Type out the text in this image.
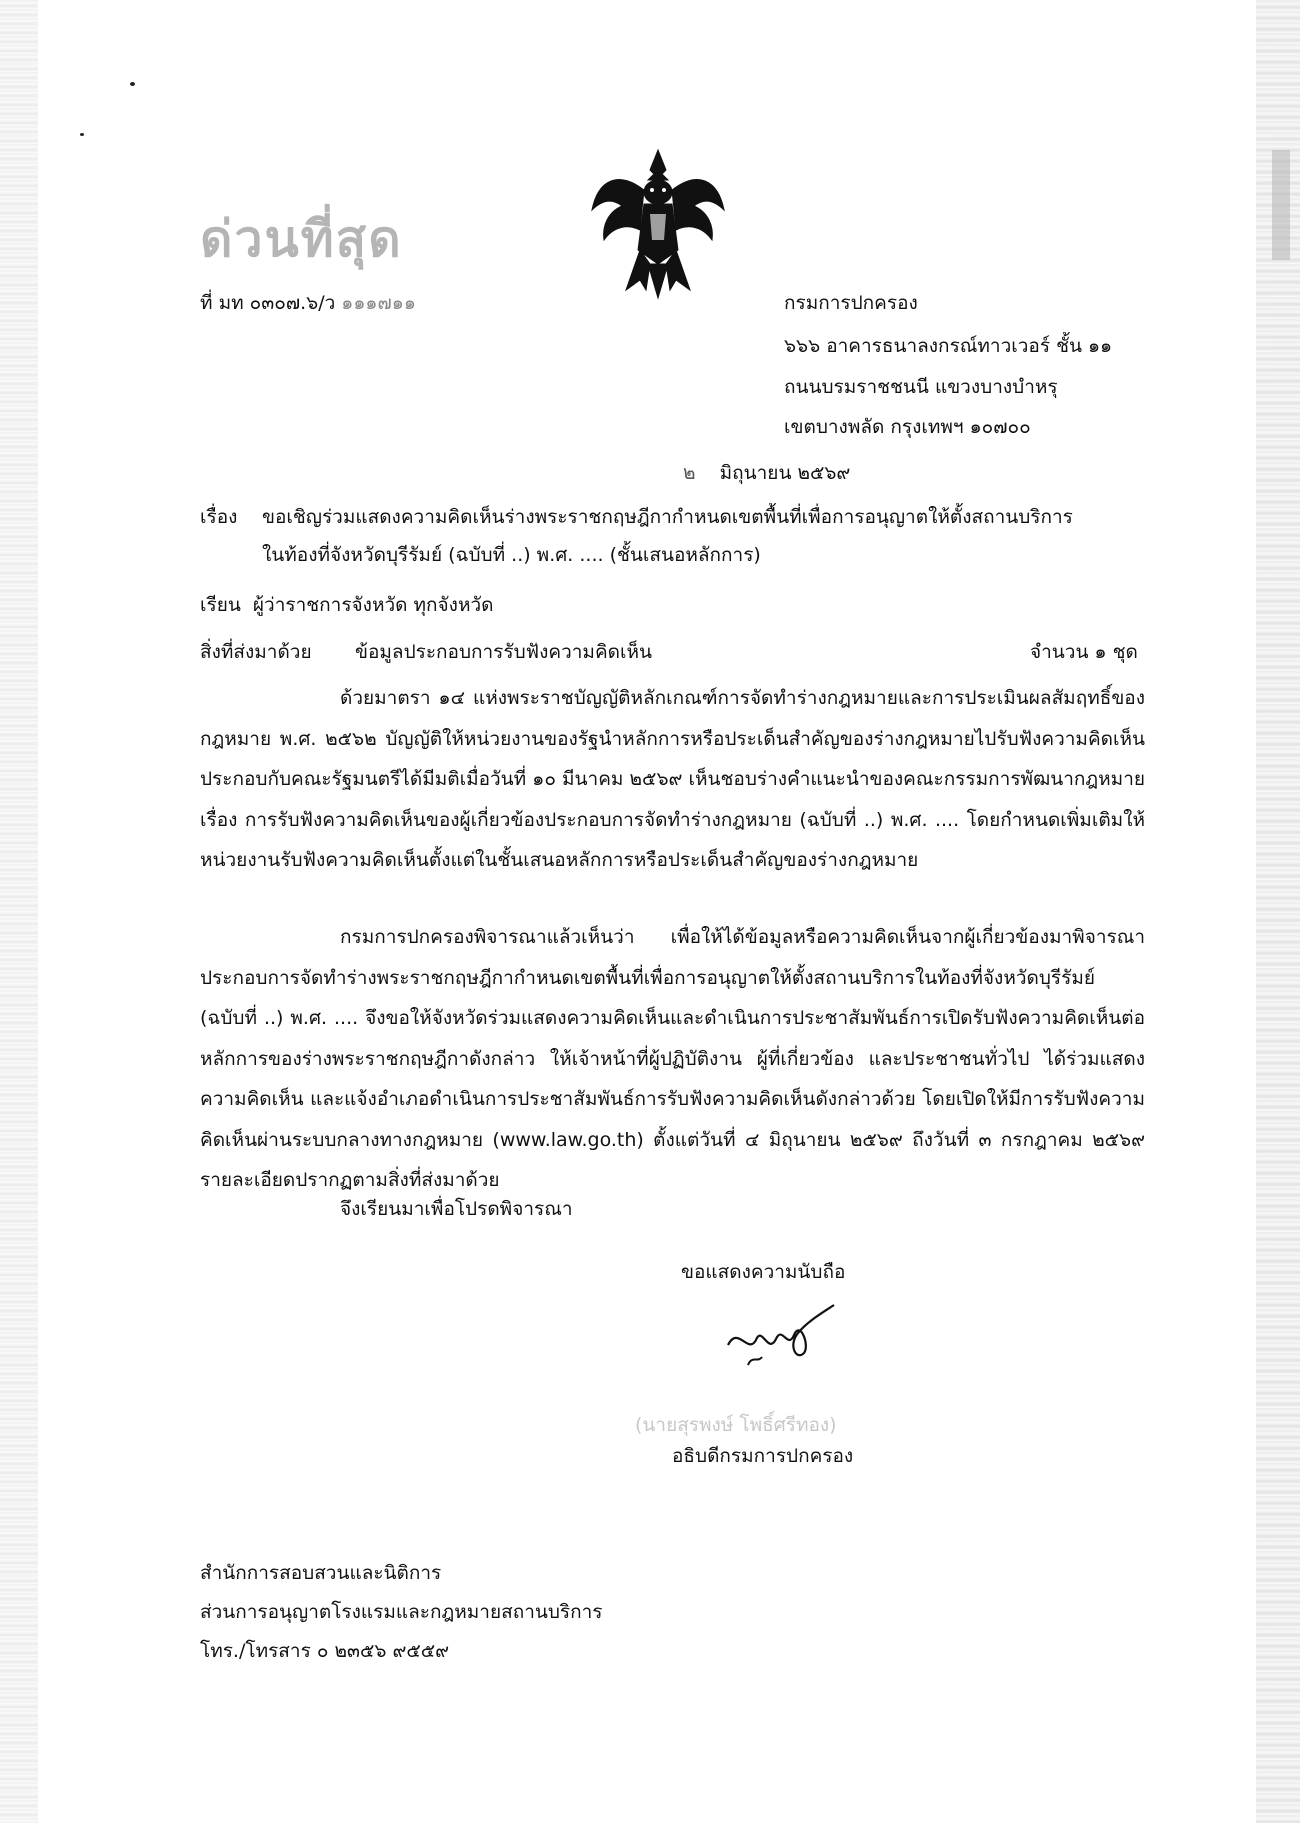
ด่วนที่สุด
ที่ มท ๐๓๐๗.๖/ว ๑๑๑๗๑๑	กรมการปกครอง
๖๖๖ อาคารธนาลงกรณ์ทาวเวอร์ ชั้น ๑๑
ถนนบรมราชชนนี แขวงบางบำหรุ
เขตบางพลัด กรุงเทพฯ ๑๐๗๐๐
๒ มิถุนายน ๒๕๖๙
เรื่อง ขอเชิญร่วมแสดงความคิดเห็นร่างพระราชกฤษฎีกากำหนดเขตพื้นที่เพื่อการอนุญาตให้ตั้งสถานบริการ
ในท้องที่จังหวัดบุรีรัมย์ (ฉบับที่ ..) พ.ศ. .... (ชั้นเสนอหลักการ)
เรียน ผู้ว่าราชการจังหวัด ทุกจังหวัด
สิ่งที่ส่งมาด้วย ข้อมูลประกอบการรับฟังความคิดเห็น	จำนวน ๑ ชุด
ด้วยมาตรา ๑๔ แห่งพระราชบัญญัติหลักเกณฑ์การจัดทำร่างกฎหมายและการประเมินผลสัมฤทธิ์ของกฎหมาย พ.ศ. ๒๕๖๒ บัญญัติให้หน่วยงานของรัฐนำหลักการหรือประเด็นสำคัญของร่างกฎหมายไปรับฟังความคิดเห็น ประกอบกับคณะรัฐมนตรีได้มีมติเมื่อวันที่ ๑๐ มีนาคม ๒๕๖๙ เห็นชอบร่างคำแนะนำของคณะกรรมการพัฒนากฎหมาย เรื่อง การรับฟังความคิดเห็นของผู้เกี่ยวข้องประกอบการจัดทำร่างกฎหมาย (ฉบับที่ ..) พ.ศ. .... โดยกำหนดเพิ่มเติมให้หน่วยงานรับฟังความคิดเห็นตั้งแต่ในชั้นเสนอหลักการหรือประเด็นสำคัญของร่างกฎหมาย
กรมการปกครองพิจารณาแล้วเห็นว่า เพื่อให้ได้ข้อมูลหรือความคิดเห็นจากผู้เกี่ยวข้องมาพิจารณาประกอบการจัดทำร่างพระราชกฤษฎีกากำหนดเขตพื้นที่เพื่อการอนุญาตให้ตั้งสถานบริการในท้องที่จังหวัดบุรีรัมย์ (ฉบับที่ ..) พ.ศ. .... จึงขอให้จังหวัดร่วมแสดงความคิดเห็นและดำเนินการประชาสัมพันธ์การเปิดรับฟังความคิดเห็นต่อหลักการของร่างพระราชกฤษฎีกาดังกล่าว ให้เจ้าหน้าที่ผู้ปฏิบัติงาน ผู้ที่เกี่ยวข้อง และประชาชนทั่วไป ได้ร่วมแสดงความคิดเห็น และแจ้งอำเภอดำเนินการประชาสัมพันธ์การรับฟังความคิดเห็นดังกล่าวด้วย โดยเปิดให้มีการรับฟังความคิดเห็นผ่านระบบกลางทางกฎหมาย (www.law.go.th) ตั้งแต่วันที่ ๔ มิถุนายน ๒๕๖๙ ถึงวันที่ ๓ กรกฎาคม ๒๕๖๙ รายละเอียดปรากฏตามสิ่งที่ส่งมาด้วย
จึงเรียนมาเพื่อโปรดพิจารณา
ขอแสดงความนับถือ
(นายสุรพงษ์ โพธิ์ศรีทอง)
อธิบดีกรมการปกครอง
สำนักการสอบสวนและนิติการ
ส่วนการอนุญาตโรงแรมและกฎหมายสถานบริการ
โทร./โทรสาร ๐ ๒๓๕๖ ๙๕๕๙
